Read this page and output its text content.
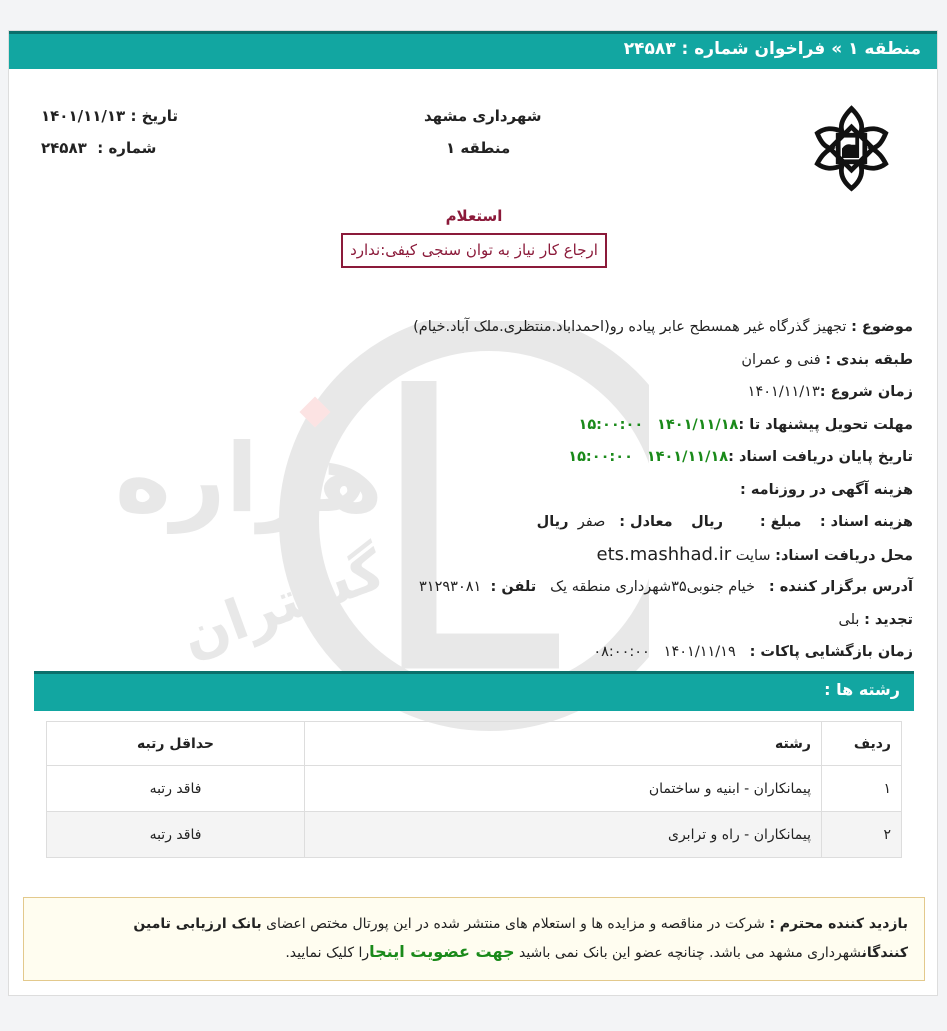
منطقه ۱ » فراخوان شماره : ۲۴۵۸۳
هزاره
گستران
شهرداری مشهد
منطقه ۱
تاریخ : ۱۴۰۱/۱۱/۱۳
شماره :  ۲۴۵۸۳
استعلام
ارجاع کار نیاز به توان سنجی کیفی:ندارد
موضوع : تجهیز گذرگاه غیر همسطح عابر پیاده رو(احمداباد.منتظری.ملک آباد.خیام)
طبقه بندی : فنی و عمران
زمان شروع :۱۴۰۱/۱۱/۱۳
مهلت تحویل پیشنهاد تا :۱۴۰۱/۱۱/۱۸   ۱۵:۰۰:۰۰
تاریخ پایان دریافت اسناد :۱۴۰۱/۱۱/۱۸   ۱۵:۰۰:۰۰
هزینه آگهی در روزنامه :
هزینه اسناد :    مبلغ :        ریال    معادل :   صفر  ریال
محل دریافت اسناد: سایت ets.mashhad.ir
آدرس برگزار کننده :   خیام جنوبی۳۵شهرداری منطقه یک   تلفن :  ۳۱۲۹۳۰۸۱
تجدید : بلی
زمان بازگشایی پاکات :   ۱۴۰۱/۱۱/۱۹   ۰۸:۰۰:۰۰
رشته ها :
ردیف	رشته	حداقل رتبه
۱	پیمانکاران - ابنیه و ساختمان	فاقد رتبه
۲	پیمانکاران - راه و ترابری	فاقد رتبه
بازدید کننده محترم : شرکت در مناقصه و مزایده ها و استعلام های منتشر شده در این پورتال مختص اعضای بانک ارزیابی تامین کنندگانشهرداری مشهد می باشد. چنانچه عضو این بانک نمی باشید جهت عضویت اینجارا کلیک نمایید.
